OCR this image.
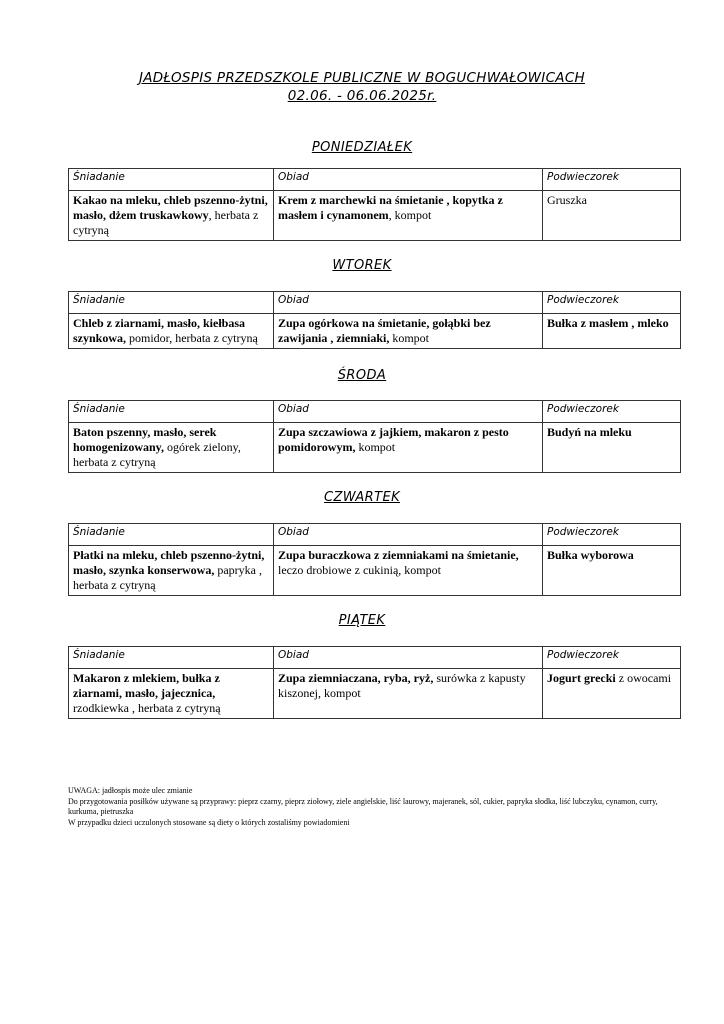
JADŁOSPIS PRZEDSZKOLE PUBLICZNE W BOGUCHWAŁOWICACH
02.06. - 06.06.2025r.
PONIEDZIAŁEK
Śniadanie	Obiad	Podwieczorek
Kakao na mleku, chleb pszenno-żytni, masło, dżem truskawkowy, herbata z cytryną	Krem z marchewki na śmietanie , kopytka z masłem i cynamonem, kompot	Gruszka
WTOREK
Śniadanie	Obiad	Podwieczorek
Chleb z ziarnami, masło, kiełbasa szynkowa, pomidor, herbata z cytryną	Zupa ogórkowa na śmietanie, gołąbki bez zawijania , ziemniaki, kompot	Bułka z masłem , mleko
ŚRODA
Śniadanie	Obiad	Podwieczorek
Baton pszenny, masło, serek homogenizowany, ogórek zielony, herbata z cytryną	Zupa szczawiowa z jajkiem, makaron z pesto pomidorowym, kompot	Budyń na mleku
CZWARTEK
Śniadanie	Obiad	Podwieczorek
Płatki na mleku, chleb pszenno-żytni, masło, szynka konserwowa, papryka , herbata z cytryną	Zupa buraczkowa z ziemniakami na śmietanie, leczo drobiowe z cukinią, kompot	Bułka wyborowa
PIĄTEK
Śniadanie	Obiad	Podwieczorek
Makaron z mlekiem, bułka z ziarnami, masło, jajecznica, rzodkiewka , herbata z cytryną	Zupa ziemniaczana, ryba, ryż, surówka z kapusty kiszonej, kompot	Jogurt grecki z owocami
UWAGA: jadłospis może ulec zmianie
Do przygotowania posiłków używane są przyprawy: pieprz czarny, pieprz ziołowy, ziele angielskie, liść laurowy, majeranek, sól, cukier, papryka słodka, liść lubczyku, cynamon, curry, kurkuma, pietruszka
W przypadku dzieci uczulonych stosowane są diety o których zostaliśmy powiadomieni
